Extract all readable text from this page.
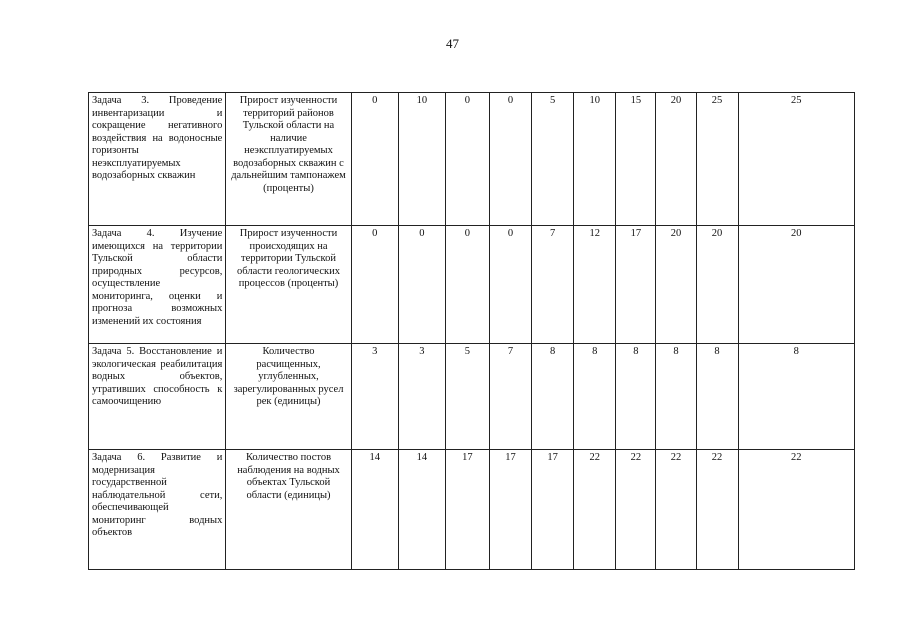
47
Задача 3. Проведение инвентаризации и сокращение негативного воздействия на водоносные горизонты неэксплуатируемых водозаборных скважин	Прирост изученности территорий районов Тульской области на наличие неэксплуатируемых водозаборных скважин с дальнейшим тампонажем (проценты)	0	10	0	0	5	10	15	20	25	25
Задача 4. Изучение имеющихся на территории Тульской области природных ресурсов, осуществление мониторинга, оценки и прогноза возможных изменений их состояния	Прирост изученности происходящих на территории Тульской области геологических процессов (проценты)	0	0	0	0	7	12	17	20	20	20
Задача 5. Восстановление и экологическая реабилитация водных объектов, утративших способность к самоочищению	Количество расчищенных, углубленных, зарегулированных русел рек (единицы)	3	3	5	7	8	8	8	8	8	8
Задача 6. Развитие и модернизация государственной наблюдательной сети, обеспечивающей мониторинг водных объектов	Количество постов наблюдения на водных объектах Тульской области (единицы)	14	14	17	17	17	22	22	22	22	22
